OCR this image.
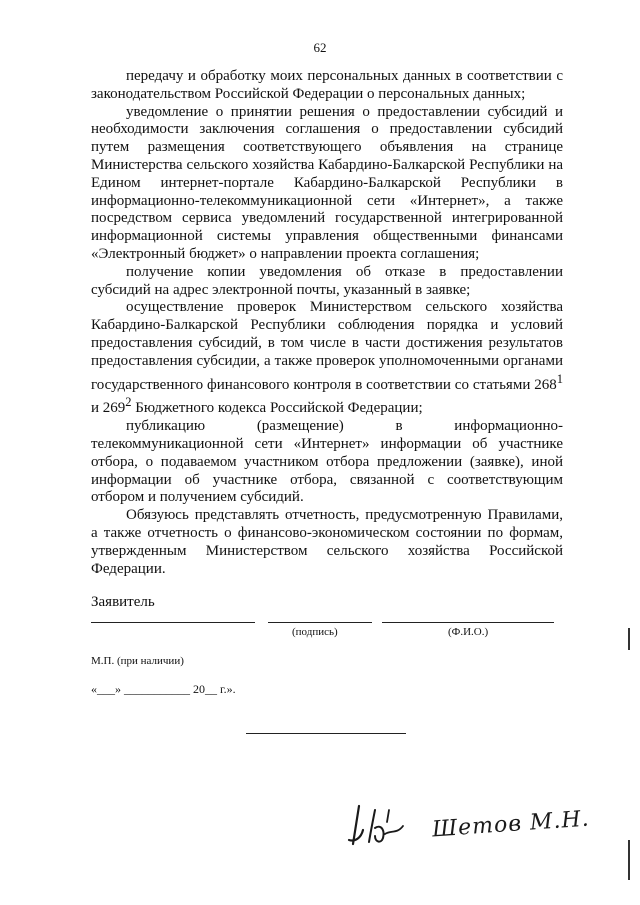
62

передачу и обработку моих персональных данных в соответствии с законодательством Российской Федерации о персональных данных;

уведомление о принятии решения о предоставлении субсидий и необходимости заключения соглашения о предоставлении субсидий путем размещения соответствующего объявления на странице Министерства сельского хозяйства Кабардино-Балкарской Республики на Едином интернет-портале Кабардино-Балкарской Республики в информационно-телекоммуникационной сети «Интернет», а также посредством сервиса уведомлений государственной интегрированной информационной системы управления общественными финансами «Электронный бюджет» о направлении проекта соглашения;

получение копии уведомления об отказе в предоставлении субсидий на адрес электронной почты, указанный в заявке;

осуществление проверок Министерством сельского хозяйства Кабардино-Балкарской Республики соблюдения порядка и условий предоставления субсидий, в том числе в части достижения результатов предоставления субсидии, а также проверок уполномоченными органами государственного финансового контроля в соответствии со статьями $268^1$ и $269^2$ Бюджетного кодекса Российской Федерации;

публикацию (размещение) в информационно-телекоммуникационной сети «Интернет» информации об участнике отбора, о подаваемом участником отбора предложении (заявке), иной информации об участнике отбора, связанной с соответствующим отбором и получением субсидий.

Обязуюсь представлять отчетность, предусмотренную Правилами, а также отчетность о финансово-экономическом состоянии по формам, утвержденным Министерством сельского хозяйства Российской Федерации.

Заявитель
(подпись)	(Ф.И.О.)
М.П. (при наличии)
«___» ___________ 20__ г.».
Шетов М.Н.
